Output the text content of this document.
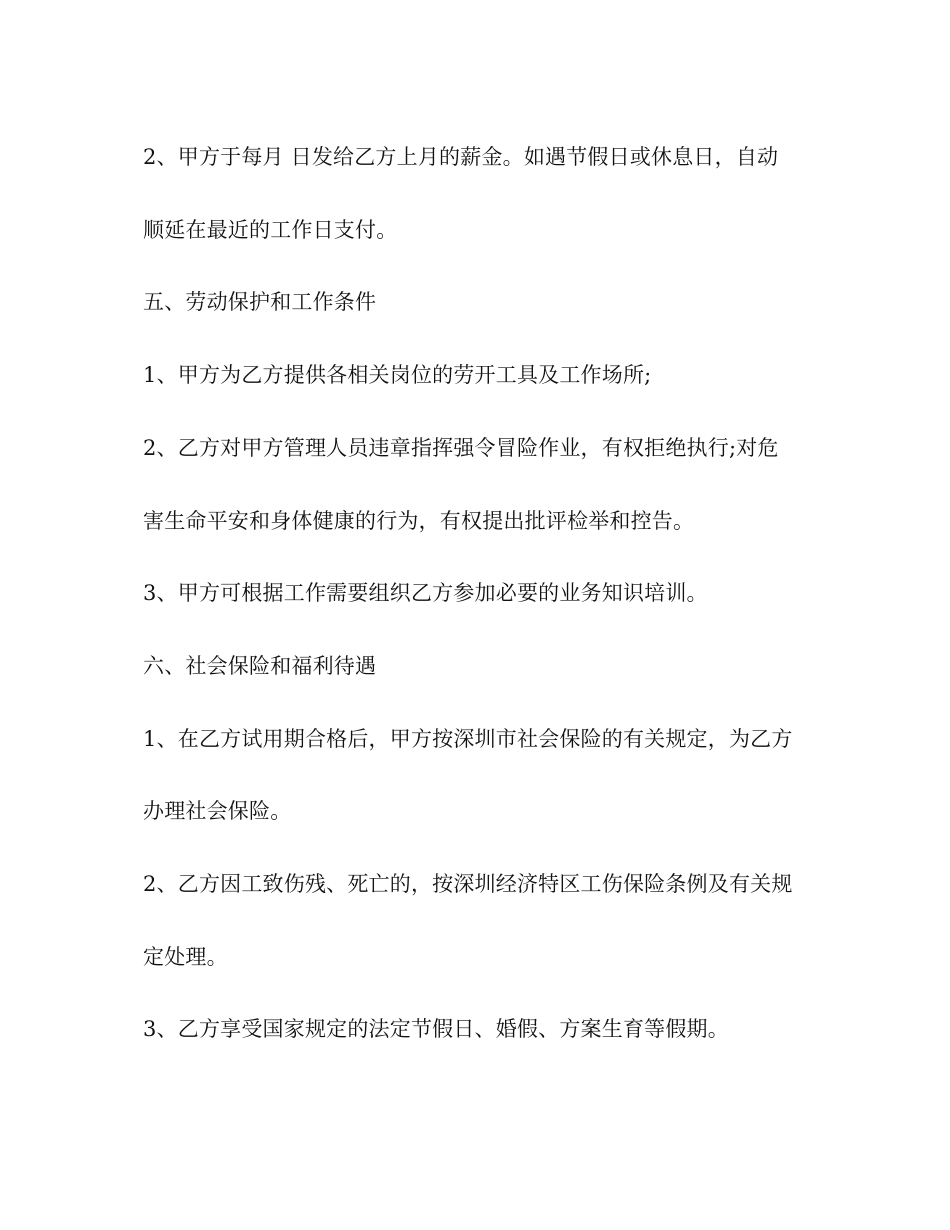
2、甲方于每月 日发给乙方上月的薪金。如遇节假日或休息日，自动

顺延在最近的工作日支付。

五、劳动保护和工作条件

1、甲方为乙方提供各相关岗位的劳开工具及工作场所;

2、乙方对甲方管理人员违章指挥强令冒险作业，有权拒绝执行;对危

害生命平安和身体健康的行为，有权提出批评检举和控告。

3、甲方可根据工作需要组织乙方参加必要的业务知识培训。

六、社会保险和福利待遇

1、在乙方试用期合格后，甲方按深圳市社会保险的有关规定，为乙方

办理社会保险。

2、乙方因工致伤残、死亡的，按深圳经济特区工伤保险条例及有关规

定处理。

3、乙方享受国家规定的法定节假日、婚假、方案生育等假期。
